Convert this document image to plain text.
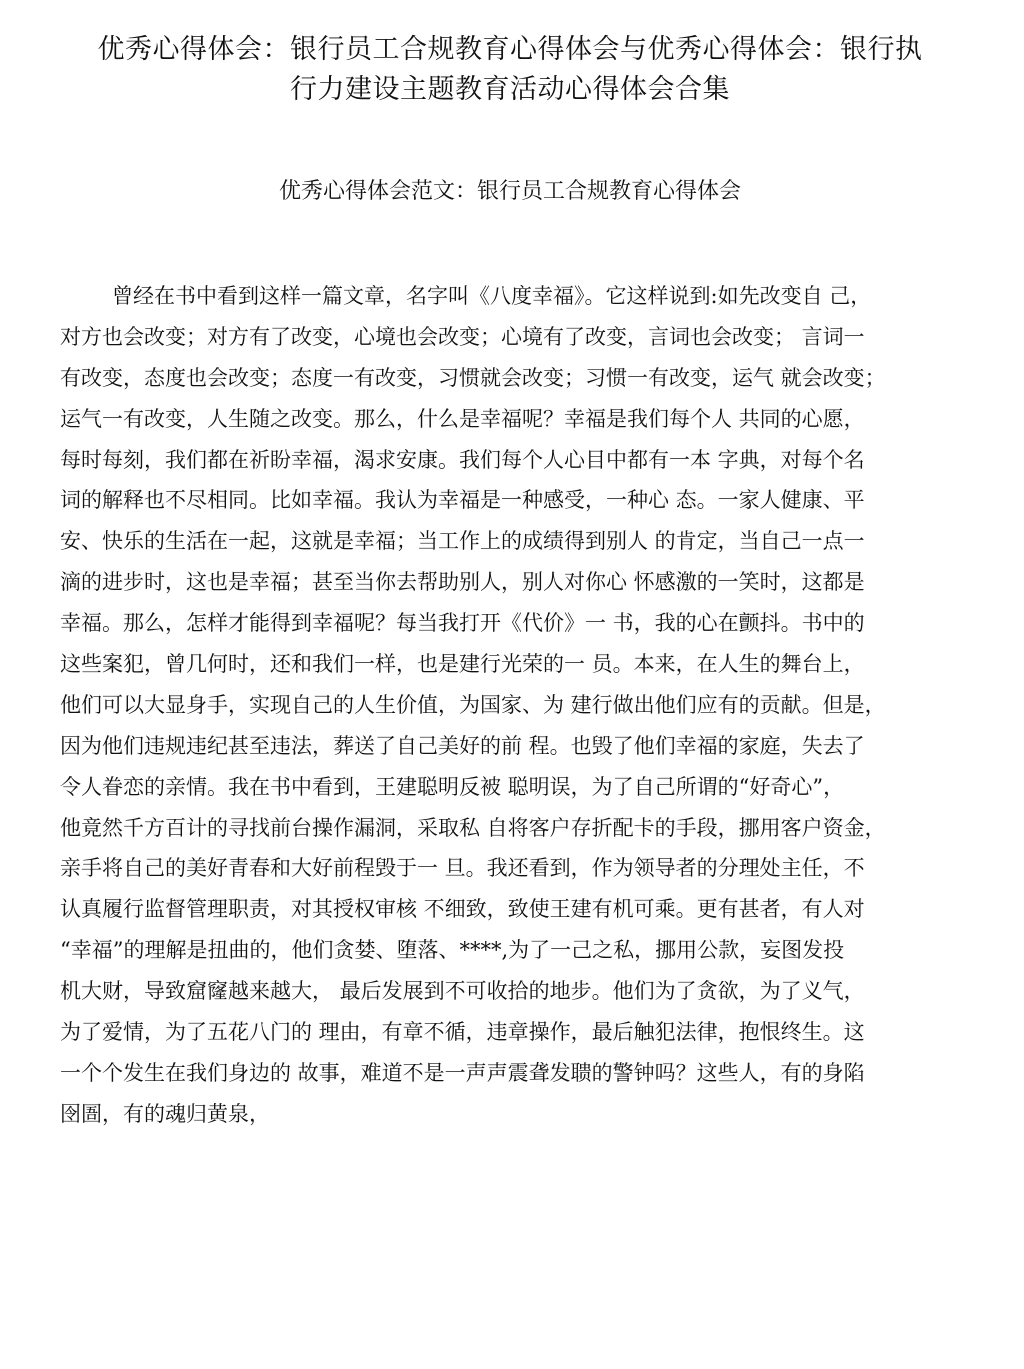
优秀心得体会：银行员工合规教育心得体会与优秀心得体会：银行执
行力建设主题教育活动心得体会合集
优秀心得体会范文：银行员工合规教育心得体会
曾经在书中看到这样一篇文章，名字叫《八度幸福》。它这样说到:如先改变自 己，
对方也会改变；对方有了改变，心境也会改变；心境有了改变，言词也会改变； 言词一
有改变，态度也会改变；态度一有改变，习惯就会改变；习惯一有改变，运气 就会改变；
运气一有改变，人生随之改变。那么，什么是幸福呢？幸福是我们每个人 共同的心愿，
每时每刻，我们都在祈盼幸福，渴求安康。我们每个人心目中都有一本 字典，对每个名
词的解释也不尽相同。比如幸福。我认为幸福是一种感受，一种心 态。一家人健康、平
安、快乐的生活在一起，这就是幸福；当工作上的成绩得到别人 的肯定，当自己一点一
滴的进步时，这也是幸福；甚至当你去帮助别人，别人对你心 怀感激的一笑时，这都是
幸福。那么，怎样才能得到幸福呢？每当我打开《代价》一 书，我的心在颤抖。书中的
这些案犯，曾几何时，还和我们一样，也是建行光荣的一 员。本来，在人生的舞台上，
他们可以大显身手，实现自己的人生价值，为国家、为 建行做出他们应有的贡献。但是，
因为他们违规违纪甚至违法，葬送了自己美好的前 程。也毁了他们幸福的家庭，失去了
令人眷恋的亲情。我在书中看到，王建聪明反被 聪明误，为了自己所谓的“好奇心”，
他竟然千方百计的寻找前台操作漏洞，采取私 自将客户存折配卡的手段，挪用客户资金，
亲手将自己的美好青春和大好前程毁于一 旦。我还看到，作为领导者的分理处主任，不
认真履行监督管理职责，对其授权审核 不细致，致使王建有机可乘。更有甚者，有人对
“幸福”的理解是扭曲的，他们贪婪、堕落、****,为了一己之私，挪用公款，妄图发投
机大财，导致窟窿越来越大， 最后发展到不可收拾的地步。他们为了贪欲，为了义气，
为了爱情，为了五花八门的 理由，有章不循，违章操作，最后触犯法律，抱恨终生。这
一个个发生在我们身边的 故事，难道不是一声声震聋发聩的警钟吗？这些人，有的身陷
囹圄，有的魂归黄泉，
